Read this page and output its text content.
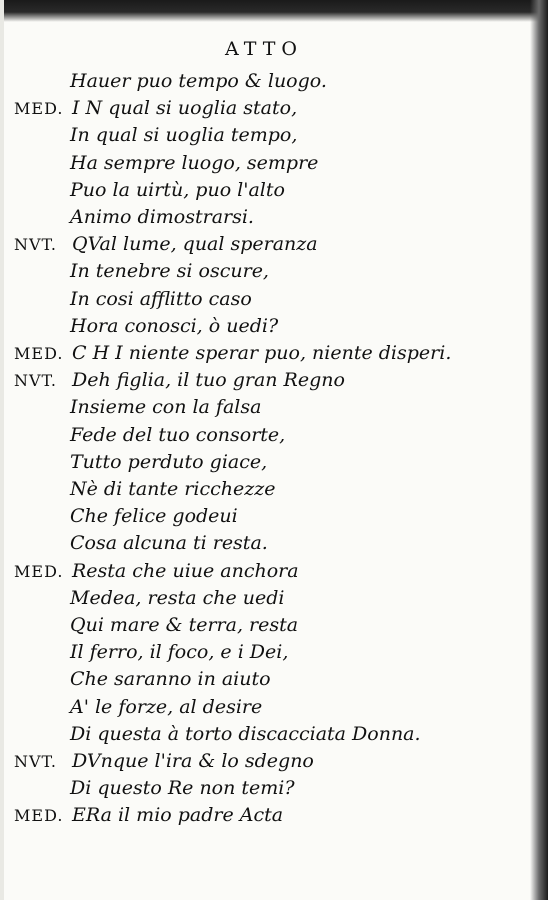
ATTO
Hauer puo tempo & luogo.
MED. I N qual si uoglia stato,
In qual si uoglia tempo,
Ha sempre luogo, sempre
Puo la uirtù, puo l'alto
Animo dimostrarsi.
NVT. QVal lume, qual speranza
In tenebre si oscure,
In cosi afflitto caso
Hora conosci, ò uedi?
MED. C H I niente sperar puo, niente disperi.
NVT. Deh figlia, il tuo gran Regno
Insieme con la falsa
Fede del tuo consorte,
Tutto perduto giace,
Nè di tante ricchezze
Che felice godeui
Cosa alcuna ti resta.
MED. Resta che uiue anchora
Medea, resta che uedi
Qui mare & terra, resta
Il ferro, il foco, e i Dei,
Che saranno in aiuto
A' le forze, al desire
Di questa à torto discacciata Donna.
NVT. DVnque l'ira & lo sdegno
Di questo Re non temi?
MED. ERa il mio padre Acta
